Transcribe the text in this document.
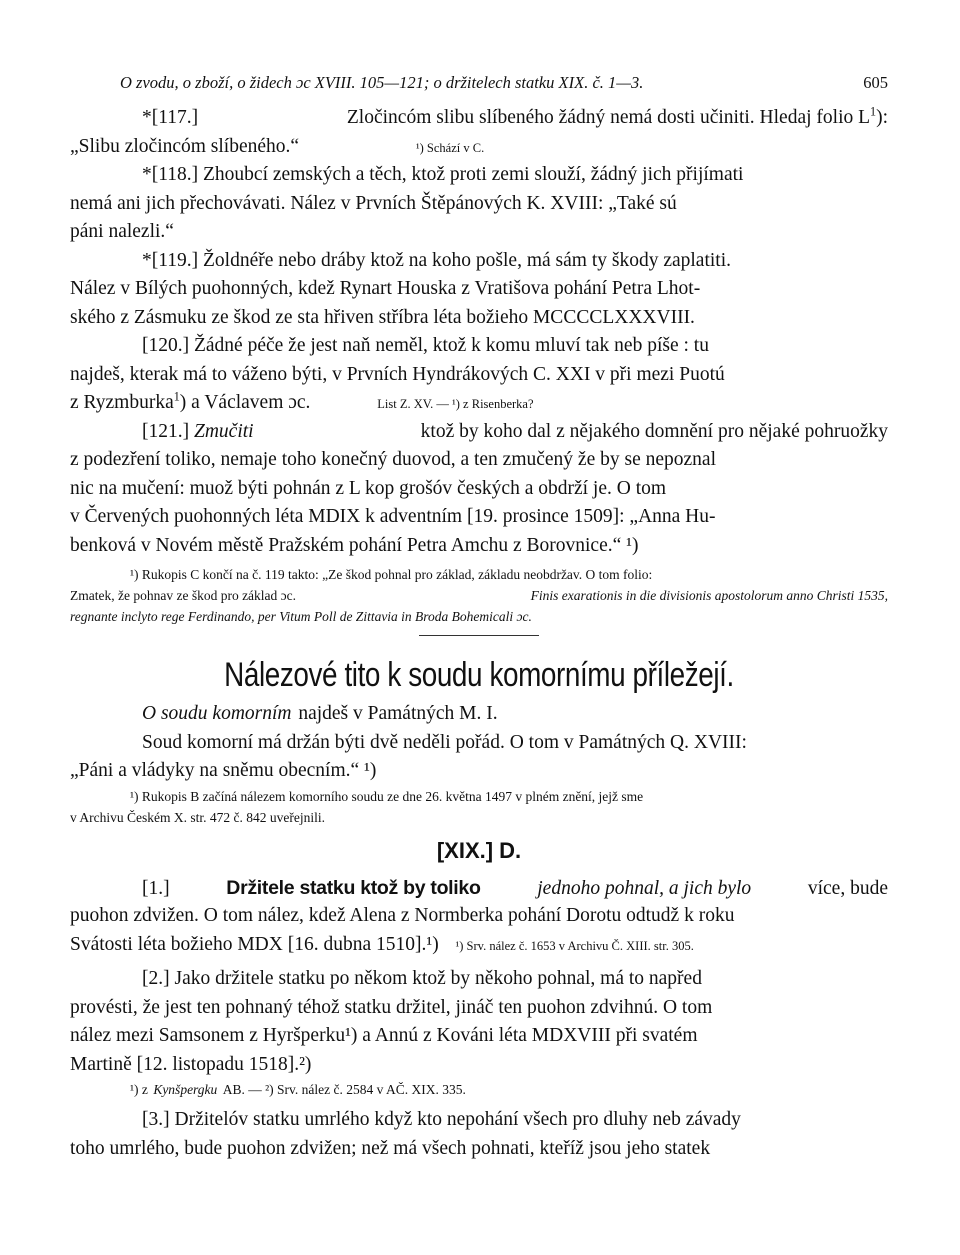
O zvodu, o zboží, o židech ɔc XVIII. 105—121; o držitelech statku XIX. č. 1—3.	605
*[117.]	Zločincóm slibu slíbeného žádný nemá dosti učiniti. Hledaj folio $L^1$):
„Slibu zločincóm slíbeného.“	¹) Schází v C.
*[118.] Zhoubcí zemských a těch, ktož proti zemi slouží, žádný jich přijímati
nemá ani jich přechovávati. Nález v Prvních Štěpánových K. XVIII: „Také sú
páni nalezli.“
*[119.] Žoldnéře nebo dráby ktož na koho pošle, má sám ty škody zaplatiti.
Nález v Bílých puohonných, kdež Rynart Houska z Vratišova pohání Petra Lhot-
ského z Zásmuku ze škod ze sta hřiven stříbra léta božieho MCCCCLXXXVIII.
[120.] Žádné péče že jest naň neměl, ktož k komu mluví tak neb píše : tu
najdeš, kterak má to váženo býti, v Prvních Hyndrákových C. XXI v při mezi Puotú
z Ryzmburka$^1$) a Václavem ɔc.	List Z. XV. — ¹) z Risenberka?
[121.] Zmučiti	ktož by koho dal z nějakého domnění pro nějaké pohruožky
z podezření toliko, nemaje toho konečný duovod, a ten zmučený že by se nepoznal
nic na mučení: muož býti pohnán z L kop grošóv českých a obdrží je. O tom
v Červených puohonných léta MDIX k adventním [19. prosince 1509]: „Anna Hu-
benková v Novém městě Pražském pohání Petra Amchu z Borovnice.“ ¹)
¹) Rukopis C končí na č. 119 takto: „Ze škod pohnal pro základ, základu neobdržav. O tom folio:
Zmatek, že pohnav ze škod pro základ ɔc.	Finis exarationis in die divisionis apostolorum anno Christi 1535,
regnante inclyto rege Ferdinando, per Vitum Poll de Zittavia in Broda Bohemicali ɔc.
Nálezové tito k soudu komornímu příležejí.
O soudu komorním najdeš v Památných M. I.
Soud komorní má držán býti dvě neděli pořád. O tom v Památných Q. XVIII:
„Páni a vládyky na sněmu obecním.“ ¹)
¹) Rukopis B začíná nálezem komorního soudu ze dne 26. května 1497 v plném znění, jejž sme
v Archivu Českém X. str. 472 č. 842 uveřejnili.
[XIX.] D.
[1.]	Držitele statku ktož by toliko	jednoho pohnal, a jich bylo	více, bude
puohon zdvižen. O tom nález, kdež Alena z Normberka pohání Dorotu odtudž k roku
Svátosti léta božieho MDX [16. dubna 1510].¹) ¹) Srv. nález č. 1653 v Archivu Č. XIII. str. 305.
[2.] Jako držitele statku po někom ktož by někoho pohnal, má to napřed
provésti, že jest ten pohnaný téhož statku držitel, jináč ten puohon zdvihnú. O tom
nález mezi Samsonem z Hyršperku¹) a Annú z Kováni léta MDXVIII při svatém
Martině [12. listopadu 1518].²)
¹) z Kynšpergku AB. — ²) Srv. nález č. 2584 v AČ. XIX. 335.
[3.] Držitelóv statku umrlého když kto nepohání všech pro dluhy neb závady
toho umrlého, bude puohon zdvižen; než má všech pohnati, kteříž jsou jeho statek
